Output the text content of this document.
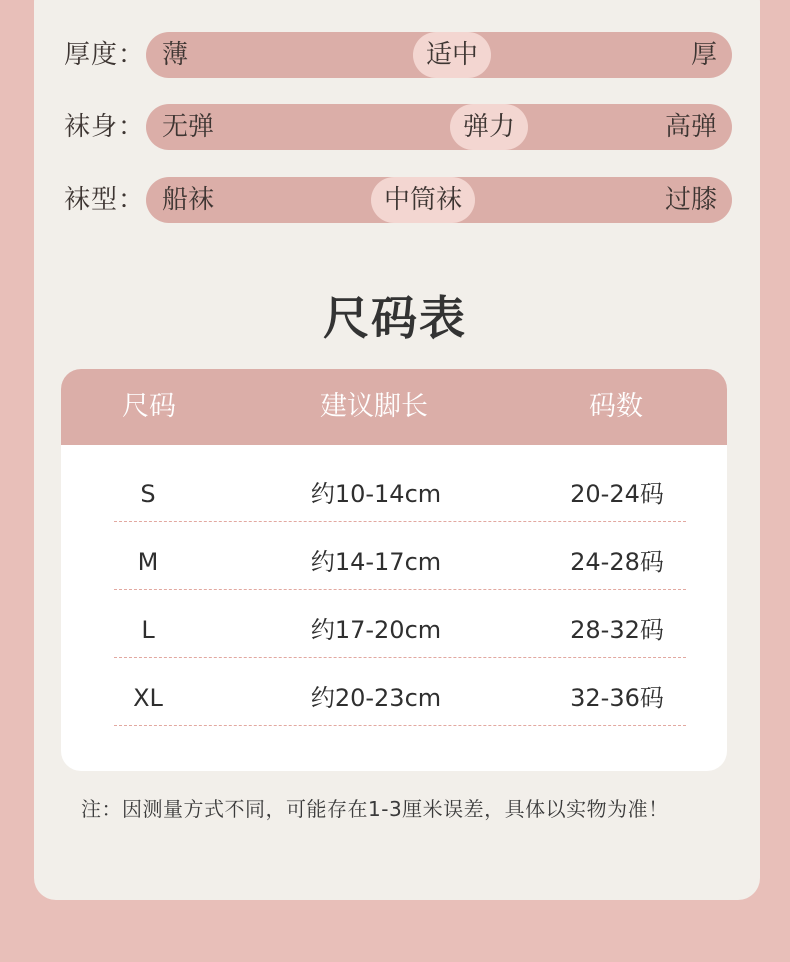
厚度： 薄	适中	厚
袜身： 无弹	弹力	高弹
袜型： 船袜	中筒袜	过膝
尺码表
尺码	建议脚长	码数
S	约10-14cm	20-24码
M	约14-17cm	24-28码
L	约17-20cm	28-32码
XL	约20-23cm	32-36码
注：因测量方式不同，可能存在1-3厘米误差，具体以实物为准！
